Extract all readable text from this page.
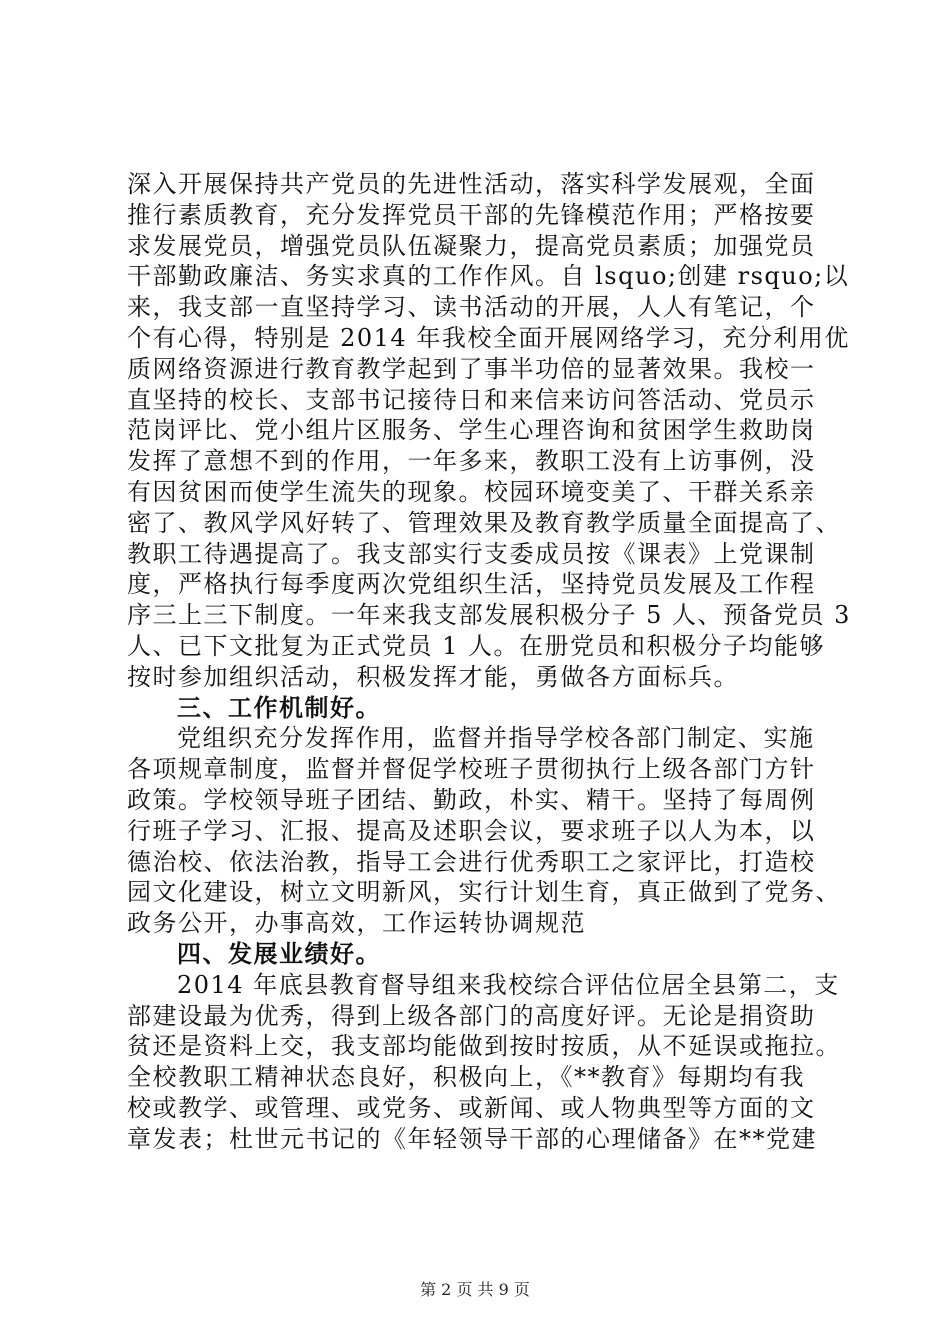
深入开展保持共产党员的先进性活动，落实科学发展观，全面
推行素质教育，充分发挥党员干部的先锋模范作用；严格按要
求发展党员，增强党员队伍凝聚力，提高党员素质；加强党员
干部勤政廉洁、务实求真的工作作风。自 lsquo;创建 rsquo;以
来，我支部一直坚持学习、读书活动的开展，人人有笔记，个
个有心得，特别是 2014 年我校全面开展网络学习，充分利用优
质网络资源进行教育教学起到了事半功倍的显著效果。我校一
直坚持的校长、支部书记接待日和来信来访问答活动、党员示
范岗评比、党小组片区服务、学生心理咨询和贫困学生救助岗
发挥了意想不到的作用，一年多来，教职工没有上访事例，没
有因贫困而使学生流失的现象。校园环境变美了、干群关系亲
密了、教风学风好转了、管理效果及教育教学质量全面提高了、
教职工待遇提高了。我支部实行支委成员按《课表》上党课制
度，严格执行每季度两次党组织生活，坚持党员发展及工作程
序三上三下制度。一年来我支部发展积极分子 5 人、预备党员 3
人、已下文批复为正式党员 1 人。在册党员和积极分子均能够
按时参加组织活动，积极发挥才能，勇做各方面标兵。
三、工作机制好。
党组织充分发挥作用，监督并指导学校各部门制定、实施
各项规章制度，监督并督促学校班子贯彻执行上级各部门方针
政策。学校领导班子团结、勤政，朴实、精干。坚持了每周例
行班子学习、汇报、提高及述职会议，要求班子以人为本，以
德治校、依法治教，指导工会进行优秀职工之家评比，打造校
园文化建设，树立文明新风，实行计划生育，真正做到了党务、
政务公开，办事高效，工作运转协调规范
四、发展业绩好。
2014 年底县教育督导组来我校综合评估位居全县第二，支
部建设最为优秀，得到上级各部门的高度好评。无论是捐资助
贫还是资料上交，我支部均能做到按时按质，从不延误或拖拉。
全校教职工精神状态良好，积极向上，《**教育》每期均有我
校或教学、或管理、或党务、或新闻、或人物典型等方面的文
章发表；杜世元书记的《年轻领导干部的心理储备》在**党建
第 2 页 共 9 页
